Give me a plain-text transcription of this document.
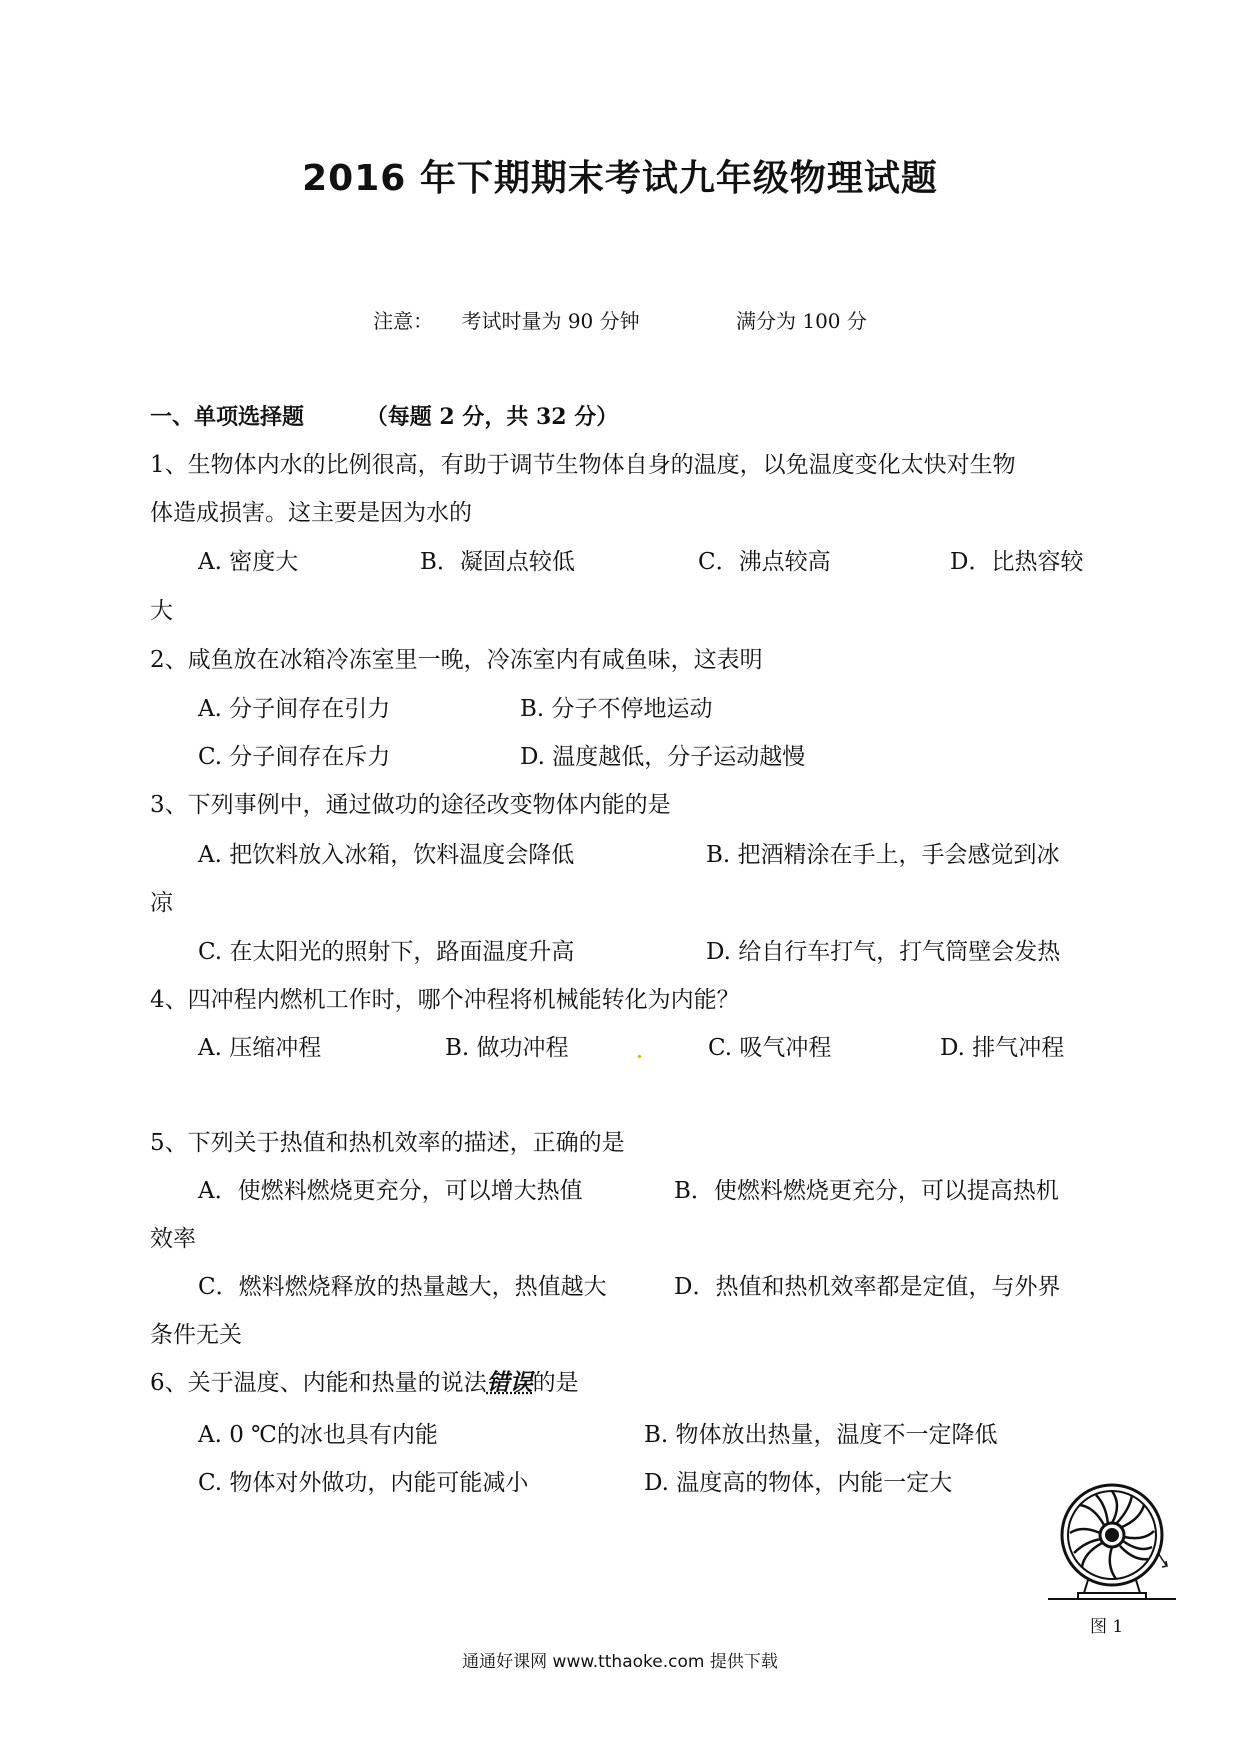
2016 年下期期末考试九年级物理试题
注意： 考试时量为 90 分钟	满分为 100 分
一、单项选择题	（每题 2 分，共 32 分）
1、生物体内水的比例很高，有助于调节生物体自身的温度，以免温度变化太快对生物
体造成损害。这主要是因为水的
A. 密度大	B．凝固点较低	C．沸点较高	D．比热容较
大
2、咸鱼放在冰箱冷冻室里一晚，冷冻室内有咸鱼味，这表明
A. 分子间存在引力	B. 分子不停地运动
C. 分子间存在斥力	D. 温度越低，分子运动越慢
3、下列事例中，通过做功的途径改变物体内能的是
A. 把饮料放入冰箱，饮料温度会降低	B. 把酒精涂在手上，手会感觉到冰
凉
C. 在太阳光的照射下，路面温度升高	D. 给自行车打气，打气筒壁会发热
4、四冲程内燃机工作时，哪个冲程将机械能转化为内能？
A. 压缩冲程	B. 做功冲程	C. 吸气冲程	D. 排气冲程
5、下列关于热值和热机效率的描述，正确的是
A．使燃料燃烧更充分，可以增大热值	B．使燃料燃烧更充分，可以提高热机
效率
C．燃料燃烧释放的热量越大，热值越大	D．热值和热机效率都是定值，与外界
条件无关
6、关于温度、内能和热量的说法错误的是
A. 0 ℃的冰也具有内能	B. 物体放出热量，温度不一定降低
C. 物体对外做功，内能可能减小	D. 温度高的物体，内能一定大
图 1
通通好课网 www.tthaoke.com 提供下载
